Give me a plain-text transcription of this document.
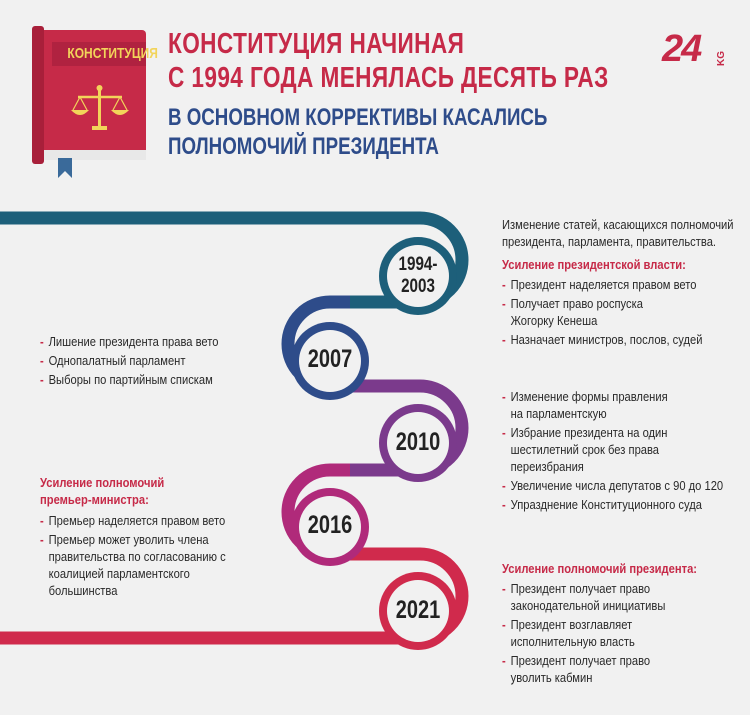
КОНСТИТУЦИЯ КОНСТИТУЦИЯ НАЧИНАЯ
С 1994 ГОДА МЕНЯЛАСЬ ДЕСЯТЬ РАЗ
В ОСНОВНОМ КОРРЕКТИВЫ КАСАЛИСЬ
ПОЛНОМОЧИЙ ПРЕЗИДЕНТА
24 KG
1994-
2003
2007
2010
2016
2021
Изменение статей, касающихся полномочий президента, парламента, правительства.
Усиление президентской власти:
- Президент наделяется правом вето
- Получает право роспуска Жогорку Кенеша
- Назначает министров, послов, судей
- Лишение президента права вето
- Однопалатный парламент
- Выборы по партийным спискам
- Изменение формы правления на парламентскую
- Избрание президента на один шестилетний срок без права переизбрания
- Увеличение числа депутатов с 90 до 120
- Упразднение Конституционного суда
Усиление полномочий премьер-министра:
- Премьер наделяется правом вето
- Премьер может уволить члена правительства по согласованию с коалицией парламентского большинства
Усиление полномочий президента:
- Президент получает право законодательной инициативы
- Президент возглавляет исполнительную власть
- Президент получает право уволить кабмин
